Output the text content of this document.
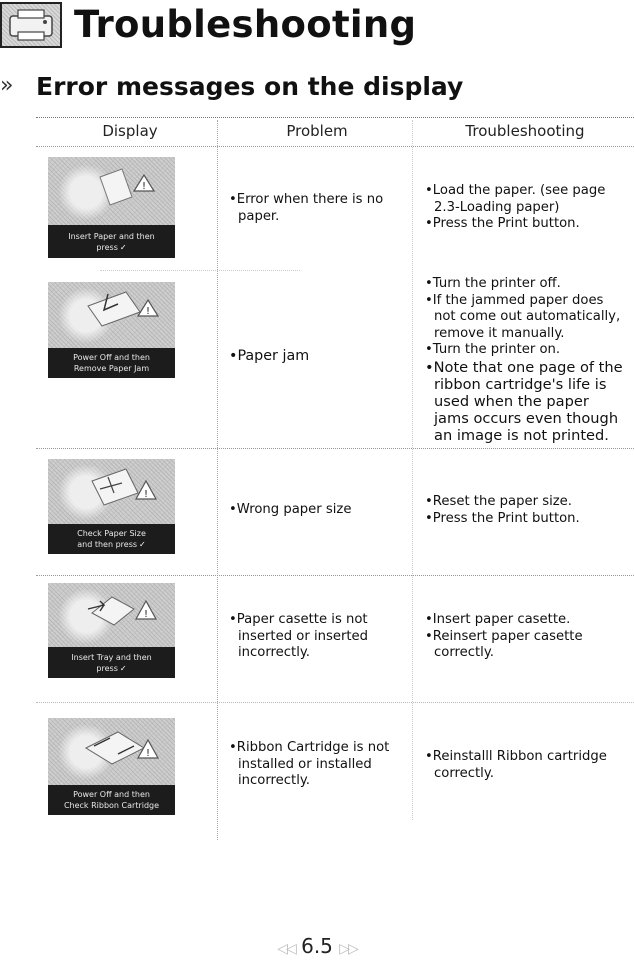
Troubleshooting
» Error messages on the display
Display	Problem	Troubleshooting
!
Insert Paper and then
press ✓
• Error when there is no paper.
• Load the paper. (see page 2.3-Loading paper)
• Press the Print button.
!
Power Off and then
Remove Paper Jam
• Paper jam
• Turn the printer off.
• If the jammed paper does not come out automatically, remove it manually.
• Turn the printer on.
• Note that one page of the ribbon cartridge's life is used when the paper jams occurs even though an image is not printed.
!
Check Paper Size
and then press ✓
• Wrong paper size
• Reset the paper size.
• Press the Print button.
!
Insert Tray and then
press ✓
• Paper casette is not inserted or inserted incorrectly.
• Insert paper casette.
• Reinsert paper casette correctly.
!
Power Off and then
Check Ribbon Cartridge
• Ribbon Cartridge is not installed or installed incorrectly.
• Reinstalll Ribbon cartridge correctly.
◁◁ 6.5 ▷▷
